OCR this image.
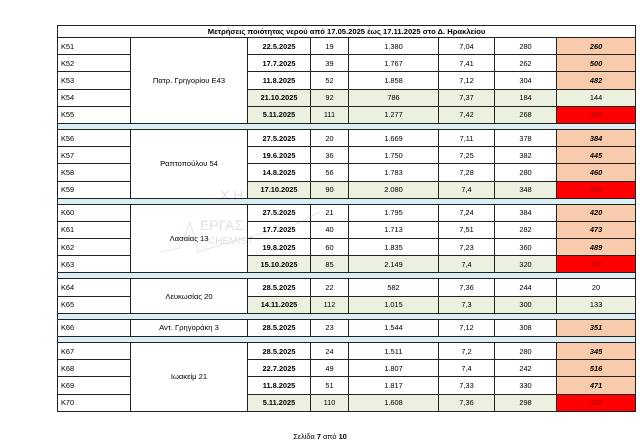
Μετρήσεις ποιότητας νερού από 17.05.2025 έως 17.11.2025 στο Δ. Ηρακλείου							
K51	Πατρ. Γρηγορίου Ε43	22.5.2025	19	1.380	7,04	280	260
K52		17.7.2025	39	1.767	7,41	262	500
K53		11.8.2025	52	1.858	7,12	304	482
K54		21.10.2025	92	786	7,37	184	144
K55		5.11.2025	111	1.277	7,42	268	353

K56	Ραπτοπούλου 54	27.5.2025	20	1.669	7,11	378	384
K57		19.6.2025	36	1.750	7,25	382	445
K58		14.8.2025	56	1.783	7,28	280	460
K59		17.10.2025	90	2.080	7,4	348	509

K60	Λασαίας 13	27.5.2025	21	1.795	7,24	384	420
K61		17.7.2025	40	1.713	7,51	282	473
K62		19.8.2025	60	1.835	7,23	360	489
K63		15.10.2025	85	2.149	7,4	320	507

K64	Λευκωσίας 20	28.5.2025	22	582	7,36	244	20
K65		14.11.2025	112	1.015	7,3	300	133

K66	Αντ. Γρηγοράκη 3	28.5.2025	23	1.544	7,12	308	351

K67	Ιωακείμ 21	28.5.2025	24	1.511	7,2	280	345
K68		22.7.2025	49	1.807	7,4	242	516
K69		11.8.2025	51	1.817	7,33	330	471
K70		5.11.2025	110	1.608	7,36	298	342
Χ Η
ΕΡΓΑΣ
CHEMIST
Σελίδα 7 από 10
